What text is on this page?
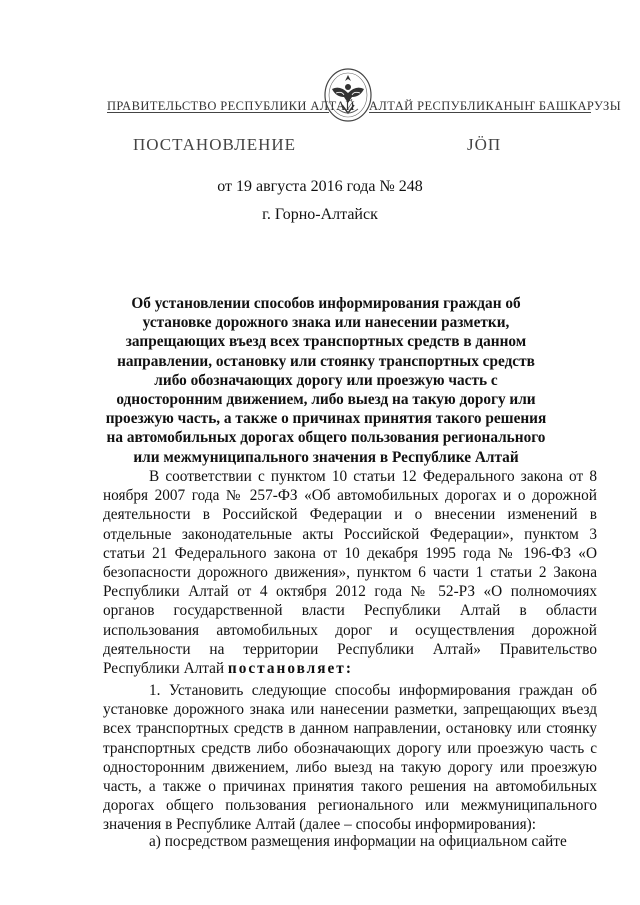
ПРАВИТЕЛЬСТВО РЕСПУБЛИКИ АЛТАЙ АЛТАЙ РЕСПУБЛИКАНЫҤ БАШКАРУЗЫ
ПОСТАНОВЛЕНИЕ	ЈӦП
от 19 августа 2016 года № 248
г. Горно-Алтайск
Об установлении способов информирования граждан об установке дорожного знака или нанесении разметки, запрещающих въезд всех транспортных средств в данном направлении, остановку или стоянку транспортных средств либо обозначающих дорогу или проезжую часть с односторонним движением, либо выезд на такую дорогу или проезжую часть, а также о причинах принятия такого решения на автомобильных дорогах общего пользования регионального или межмуниципального значения в Республике Алтай
В соответствии с пунктом 10 статьи 12 Федерального закона от 8 ноября 2007 года № 257-ФЗ «Об автомобильных дорогах и о дорожной деятельности в Российской Федерации и о внесении изменений в отдельные законодательные акты Российской Федерации», пунктом 3 статьи 21 Федерального закона от 10 декабря 1995 года № 196-ФЗ «О безопасности дорожного движения», пунктом 6 части 1 статьи 2 Закона Республики Алтай от 4 октября 2012 года № 52-РЗ «О полномочиях органов государственной власти Республики Алтай в области использования автомобильных дорог и осуществления дорожной деятельности на территории Республики Алтай» Правительство Республики Алтай постановляет:
1. Установить следующие способы информирования граждан об установке дорожного знака или нанесении разметки, запрещающих въезд всех транспортных средств в данном направлении, остановку или стоянку транспортных средств либо обозначающих дорогу или проезжую часть с односторонним движением, либо выезд на такую дорогу или проезжую часть, а также о причинах принятия такого решения на автомобильных дорогах общего пользования регионального или межмуниципального значения в Республике Алтай (далее – способы информирования):
а) посредством размещения информации на официальном сайте
